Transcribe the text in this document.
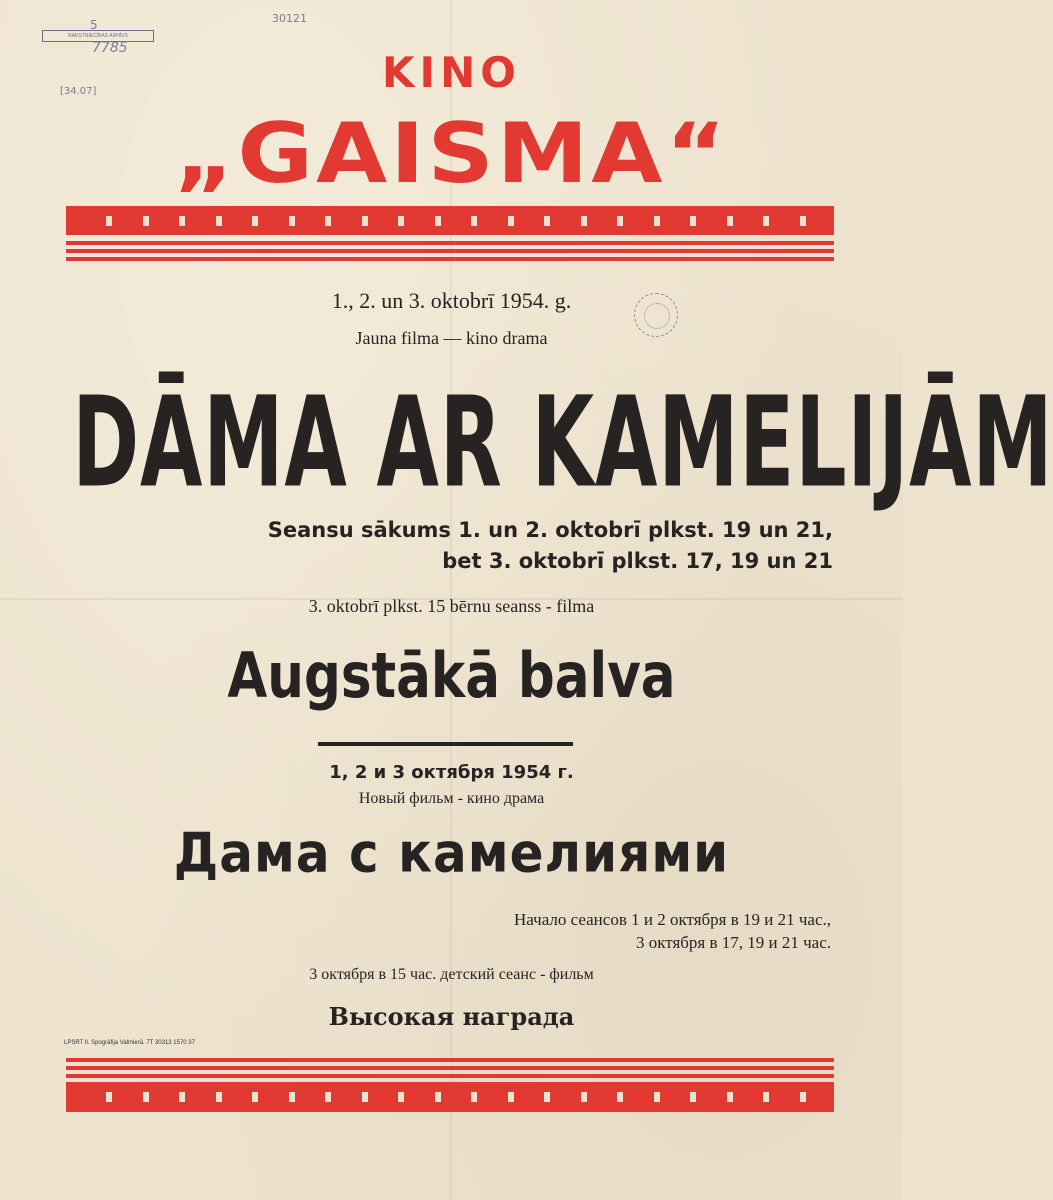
5
RAKSTNIECĪBAS ARHĪVS
7785
30121
[34.07]	KINO
„GAISMA“
1., 2. un 3. oktobrī 1954. g.
Jauna filma — kino drama
DĀMA AR KAMELIJĀM
Seansu sākums 1. un 2. oktobrī plkst. 19 un 21,
bet 3. oktobrī plkst. 17, 19 un 21
3. oktobrī plkst. 15 bērnu seanss - filma
Augstākā balva
1, 2 и 3 октября 1954 г.
Новый фильм - кино драма
Дама с камелиями
Начало сеансов 1 и 2 октября в 19 и 21 час.,
3 октября в 17, 19 и 21 час.
3 октября в 15 час. детский сеанс - фильм
Высокая награда
LPSRT Il. Spogrāfija Valmierā. 7T 30313 1570 37
